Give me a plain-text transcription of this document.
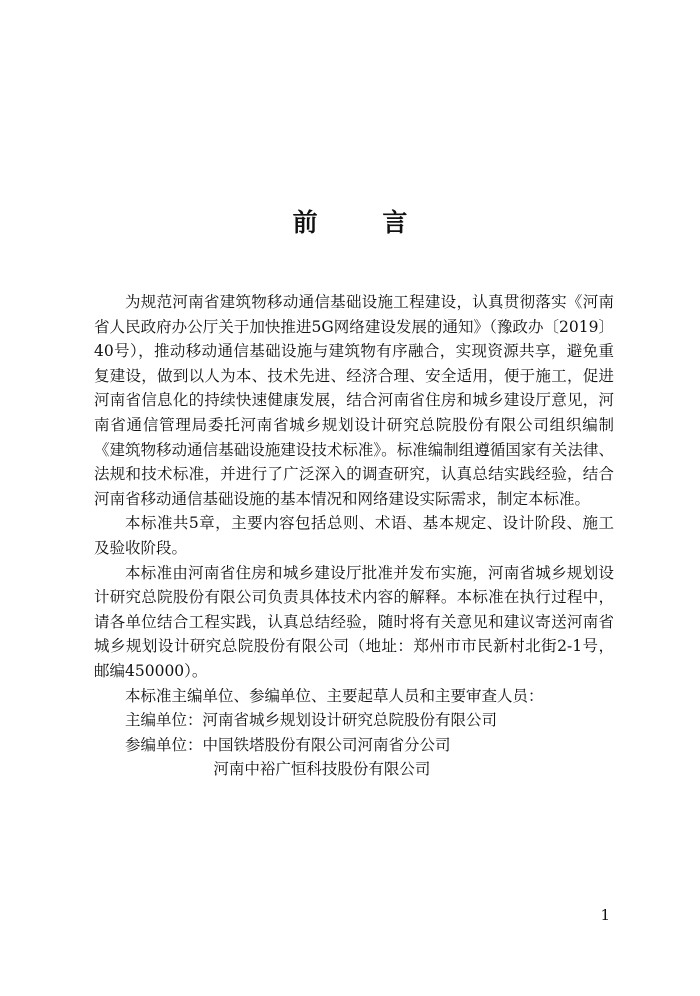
前 言

为规范河南省建筑物移动通信基础设施工程建设，认真贯彻落实《河南省人民政府办公厅关于加快推进5G网络建设发展的通知》（豫政办〔2019〕40号），推动移动通信基础设施与建筑物有序融合，实现资源共享，避免重复建设，做到以人为本、技术先进、经济合理、安全适用，便于施工，促进河南省信息化的持续快速健康发展，结合河南省住房和城乡建设厅意见，河南省通信管理局委托河南省城乡规划设计研究总院股份有限公司组织编制《建筑物移动通信基础设施建设技术标准》。标准编制组遵循国家有关法律、法规和技术标准，并进行了广泛深入的调查研究，认真总结实践经验，结合河南省移动通信基础设施的基本情况和网络建设实际需求，制定本标准。

本标准共5章，主要内容包括总则、术语、基本规定、设计阶段、施工及验收阶段。

本标准由河南省住房和城乡建设厅批准并发布实施，河南省城乡规划设计研究总院股份有限公司负责具体技术内容的解释。本标准在执行过程中，请各单位结合工程实践，认真总结经验，随时将有关意见和建议寄送河南省城乡规划设计研究总院股份有限公司（地址：郑州市市民新村北街2-1号，邮编450000）。

本标准主编单位、参编单位、主要起草人员和主要审查人员：

主编单位：河南省城乡规划设计研究总院股份有限公司

参编单位：中国铁塔股份有限公司河南省分公司

河南中裕广恒科技股份有限公司

1
